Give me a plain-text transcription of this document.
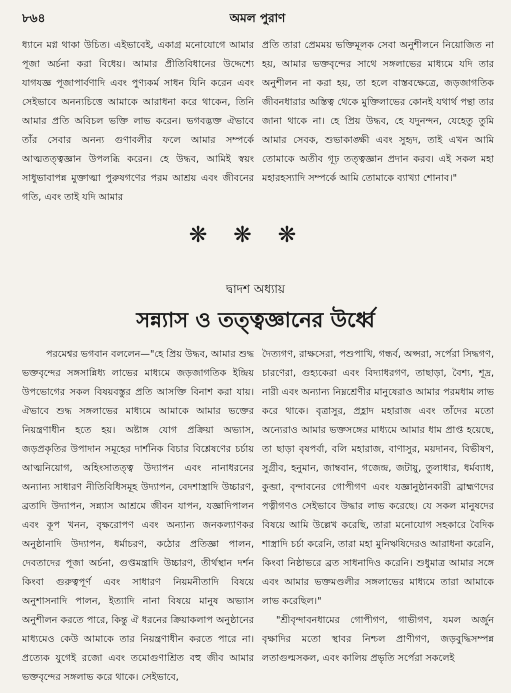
৮৬৪	অমল পুরাণ

ধ্যানে মগ্ন থাকা উচিত। এইভাবেই, একাগ্র মনোযোগে আমার পূজা অর্চনা করা বিধেয়। আমার প্রীতিবিধানের উদ্দেশ্যে যাগযজ্ঞ পূজাপার্বণাদি এবং পুণ্যকর্ম সাধন যিনি করেন এবং সেইভাবে অনন্যচিত্তে আমাকে আরাধনা করে থাকেন, তিনি আমার প্রতি অবিচল ভক্তি লাভ করেন। ভগবদ্ভক্ত ঐভাবে তাঁর সেবার অনন্য গুণাবলীর ফলে আমার সম্পর্কে আত্মতত্ত্বজ্ঞান উপলব্ধি করেন। হে উদ্ধব, আমিই স্বয়ং সাধুভাবাপন্ন মুক্তাত্মা পুরুষগণের পরম আশ্রয় এবং জীবনের গতি, এবং তাই যদি আমার

প্রতি তারা প্রেমময় ভক্তিমূলক সেবা অনুশীলনে নিয়োজিত না হয়, আমার ভক্তবৃন্দের সাথে সঙ্গলাভের মাধ্যমে যদি তার অনুশীলন না করা হয়, তা হলে বাস্তবক্ষেত্রে, জড়জাগতিক জীবনধারার অস্তিত্ব থেকে মুক্তিলাভের কোনই যথার্থ পন্থা তার জানা থাকে না। হে প্রিয় উদ্ধব, হে যদুনন্দন, যেহেতু তুমি আমার সেবক, শুভাকাঙ্ক্ষী এবং সুহৃদ, তাই এখন আমি তোমাকে অতীব গূঢ় তত্ত্বজ্ঞান প্রদান করব। এই সকল মহা মহারহস্যাদি সম্পর্কে আমি তোমাকে ব্যাখ্যা শোনাব।"

❋❋❋
দ্বাদশ অধ্যায়
সন্ন্যাস ও তত্ত্বজ্ঞানের উর্ধ্বে

পরমেশ্বর ভগবান বললেন—"হে প্রিয় উদ্ধব, আমার শুদ্ধ ভক্তবৃন্দের সঙ্গসান্নিধ্য লাভের মাধ্যমে জড়জাগতিক ইন্দ্রিয় উপভোগের সকল বিষয়বস্তুর প্রতি আসক্তি বিনাশ করা যায়। ঐভাবে শুদ্ধ সঙ্গলাভের মাধ্যমে আমাকে আমার ভক্তের নিয়ন্ত্রণাধীন হতে হয়। অষ্টাঙ্গ যোগ প্রক্রিয়া অভ্যাস, জড়প্রকৃতির উপাদান সমূহের দার্শনিক বিচার বিশ্লেষণের চর্চায় আত্মনিয়োগ, অহিংসাতত্ত্ব উদ্যাপন এবং নানাধরনের অন্যান্য সাধারণ নীতিবিধিসমূহ উদ্যাপন, বেদশাস্ত্রাদি উচ্চারণ, ব্রতাদি উদ্যাপন, সন্ন্যাস আশ্রমে জীবন যাপন, যজ্ঞাদিপালন এবং কূপ খনন, বৃক্ষরোপণ এবং অন্যান্য জনকল্যাণকর অনুষ্ঠানাদি উদ্যাপন, ধর্মাচরণ, কঠোর প্রতিজ্ঞা পালন, দেবতাদের পূজা অর্চনা, গুপ্তমন্ত্রাদি উচ্চারণ, তীর্থস্থান দর্শন কিংবা গুরুত্বপূর্ণ এবং সাধারণ নিয়মনীতাদি বিষয়ে অনুশাসনাদি পালন, ইত্যাদি নানা বিষয়ে মানুষ অভ্যাস অনুশীলন করতে পারে, কিন্তু ঐ ধরনের ক্রিয়াকলাপ অনুষ্ঠানের মাধ্যমেও কেউ আমাকে তার নিয়ন্ত্রণাধীন করতে পারে না। প্রত্যেক যুগেই রজো এবং তমোগুণাশ্রিত বহু জীব আমার ভক্তবৃন্দের সঙ্গলাভ করে থাকে। সেইভাবে,

দৈত্যগণ, রাক্ষসেরা, পশুপাখি, গন্ধর্ব, অপ্সরা, সর্পেরা সিদ্ধগণ, চারণেরা, গুহ্যকেরা এবং বিদ্যাধরগণ, তাছাড়া, বৈশ্য, শূদ্র, নারী এবং অন্যান্য নিম্নশ্রেণীর মানুষেরাও আমার পরমধাম লাভ করে থাকে। বৃত্রাসুর, প্রহ্লাদ মহারাজ এবং তাঁদের মতো অন্যেরাও আমার ভক্তসঙ্গের মাধ্যমে আমার ধাম প্রাপ্ত হয়েছে, তা ছাড়া বৃষপর্বা, বলি মহারাজ, বাণাসুর, ময়দানব, বিভীষণ, সুগ্রীব, হনুমান, জাম্ববান, গজেন্দ্র, জটায়ু, তুলাধার, ধর্মব্যাধ, কুব্জা, বৃন্দাবনের গোপীগণ এবং যজ্ঞানুষ্ঠানকারী ব্রাহ্মণদের পত্নীগণও সেইভাবে উদ্ধার লাভ করেছে। যে সকল মানুষদের বিষয়ে আমি উল্লেখ করেছি, তারা মনোযোগ সহকারে বৈদিক শাস্ত্রাদি চর্চা করেনি, তারা মহা মুনিঋষিদেরও আরাধনা করেনি, কিংবা নিষ্ঠাভরে ব্রত সাধনাদিও করেনি। শুধুমাত্র আমার সঙ্গে এবং আমার ভক্তমণ্ডলীর সঙ্গলাভের মাধ্যমে তারা আমাকে লাভ করেছিল।"

"শ্রীবৃন্দাবনধামের গোপীগণ, গাভীগণ, যমল অর্জুন বৃক্ষাদির মতো স্থাবর নিশ্চল প্রাণীগণ, জড়বুদ্ধিসম্পন্ন লতাগুল্মসকল, এবং কালিয় প্রভৃতি সর্পেরা সকলেই
